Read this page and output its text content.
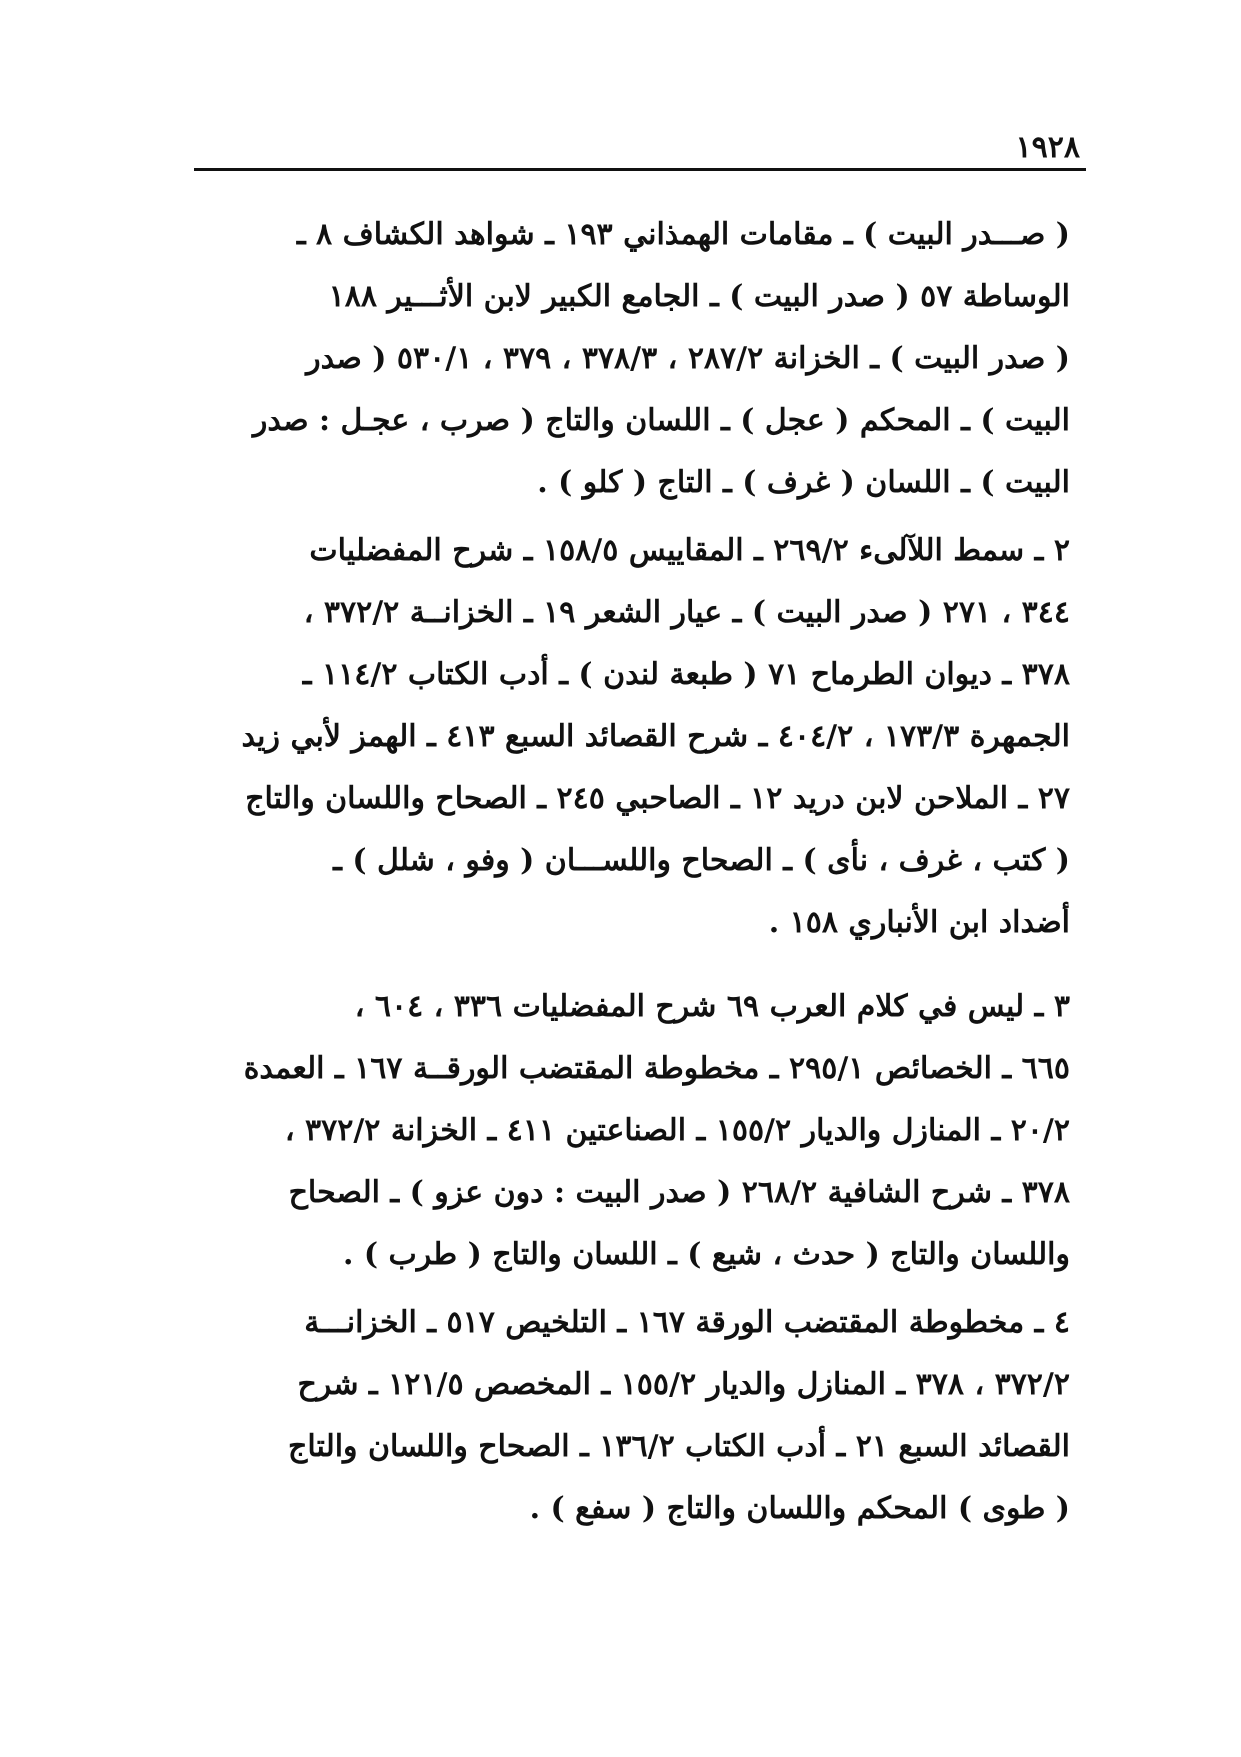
١٩٢٨

( صـــدر البيت ) ـ مقامات الهمذاني ١٩٣ ـ شواهد الكشاف ٨ ـ
الوساطة ٥٧ ( صدر البيت ) ـ الجامع الكبير لابن الأثـــير ١٨٨
( صدر البيت ) ـ الخزانة ٢٨٧/٢ ، ٣٧٨/٣ ، ٣٧٩ ، ٥٣٠/١ ( صدر
البيت ) ـ المحكم ( عجل ) ـ اللسان والتاج ( صرب ، عجـل : صدر
البيت ) ـ اللسان ( غرف ) ـ التاج ( كلو ) .

٢ ـ سمط اللآلىء ٢٦٩/٢ ـ المقاييس ١٥٨/٥ ـ شرح المفضليات
٣٤٤ ، ٢٧١ ( صدر البيت ) ـ عيار الشعر ١٩ ـ الخزانــة ٣٧٢/٢ ،
٣٧٨ ـ ديوان الطرماح ٧١ ( طبعة لندن ) ـ أدب الكتاب ١١٤/٢ ـ
الجمهرة ١٧٣/٣ ، ٤٠٤/٢ ـ شرح القصائد السبع ٤١٣ ـ الهمز لأبي زيد
٢٧ ـ الملاحن لابن دريد ١٢ ـ الصاحبي ٢٤٥ ـ الصحاح واللسان والتاج
( كتب ، غرف ، نأى ) ـ الصحاح واللســـان ( وفو ، شلل ) ـ
أضداد ابن الأنباري ١٥٨ .

٣ ـ ليس في كلام العرب ٦٩ شرح المفضليات ٣٣٦ ، ٦٠٤ ،
٦٦٥ ـ الخصائص ٢٩٥/١ ـ مخطوطة المقتضب الورقــة ١٦٧ ـ العمدة
٢٠/٢ ـ المنازل والديار ١٥٥/٢ ـ الصناعتين ٤١١ ـ الخزانة ٣٧٢/٢ ،
٣٧٨ ـ شرح الشافية ٢٦٨/٢ ( صدر البيت : دون عزو ) ـ الصحاح
واللسان والتاج ( حدث ، شيع ) ـ اللسان والتاج ( طرب ) .

٤ ـ مخطوطة المقتضب الورقة ١٦٧ ـ التلخيص ٥١٧ ـ الخزانـــة
٣٧٢/٢ ، ٣٧٨ ـ المنازل والديار ١٥٥/٢ ـ المخصص ١٢١/٥ ـ شرح
القصائد السبع ٢١ ـ أدب الكتاب ١٣٦/٢ ـ الصحاح واللسان والتاج
( طوى ) المحكم واللسان والتاج ( سفع ) .
